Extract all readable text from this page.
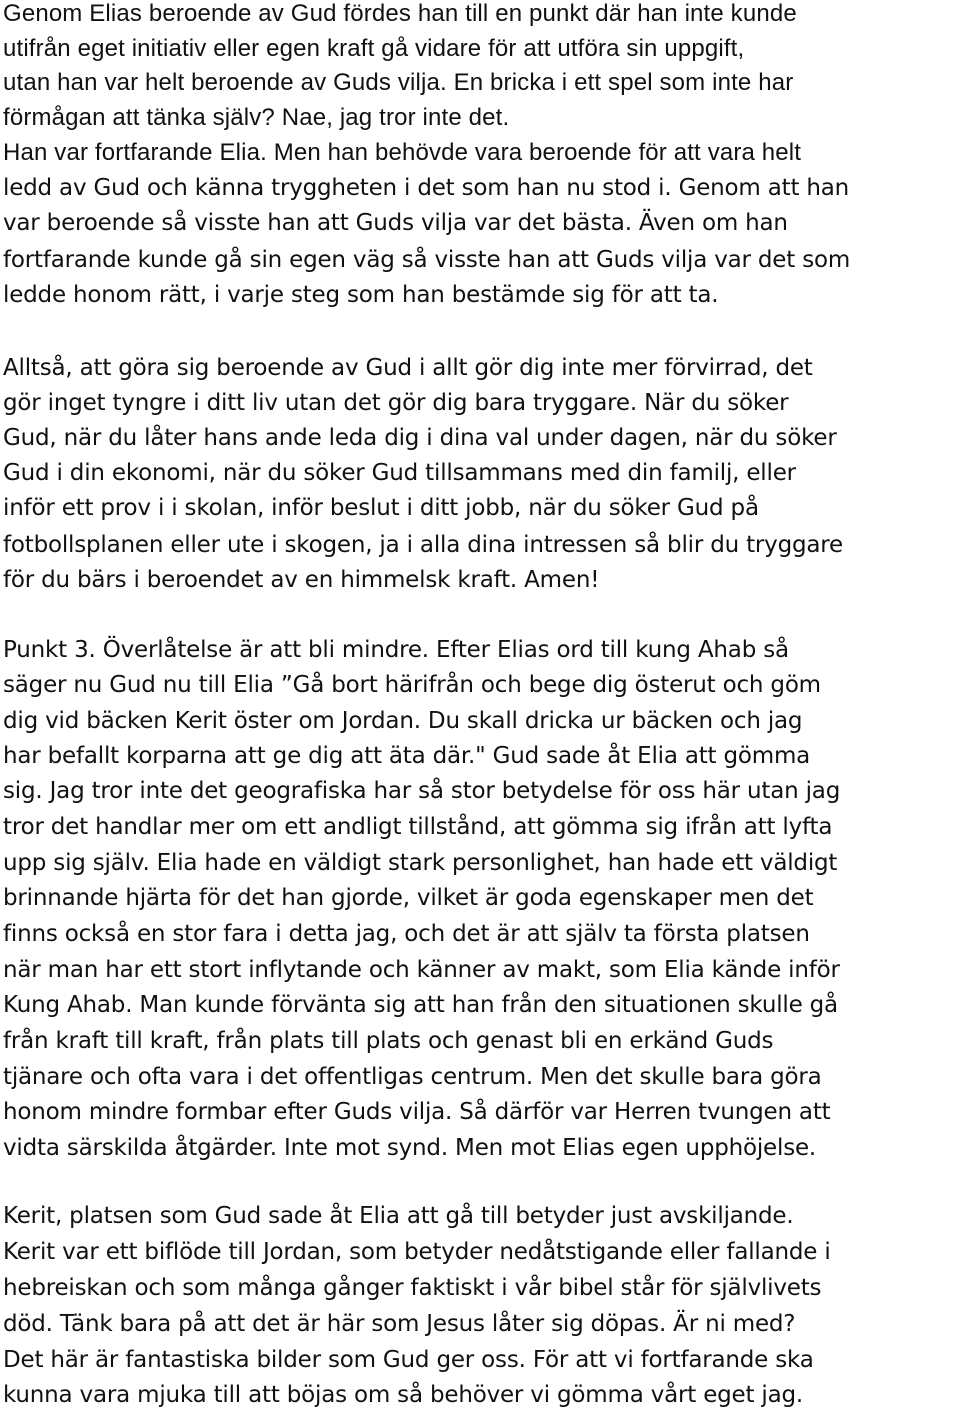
Genom Elias beroende av Gud fördes han till en punkt där han inte kunde
utifrån eget initiativ eller egen kraft gå vidare för att utföra sin uppgift,
utan han var helt beroende av Guds vilja. En bricka i ett spel som inte har
förmågan att tänka själv? Nae, jag tror inte det.
Han var fortfarande Elia. Men han behövde vara beroende för att vara helt
ledd av Gud och känna tryggheten i det som han nu stod i. Genom att han
var beroende så visste han att Guds vilja var det bästa. Även om han
fortfarande kunde gå sin egen väg så visste han att Guds vilja var det som
ledde honom rätt, i varje steg som han bestämde sig för att ta.
Alltså, att göra sig beroende av Gud i allt gör dig inte mer förvirrad, det
gör inget tyngre i ditt liv utan det gör dig bara tryggare. När du söker
Gud, när du låter hans ande leda dig i dina val under dagen, när du söker
Gud i din ekonomi, när du söker Gud tillsammans med din familj, eller
inför ett prov i i skolan, inför beslut i ditt jobb, när du söker Gud på
fotbollsplanen eller ute i skogen, ja i alla dina intressen så blir du tryggare
för du bärs i beroendet av en himmelsk kraft. Amen!
Punkt 3. Överlåtelse är att bli mindre. Efter Elias ord till kung Ahab så
säger nu Gud nu till Elia ”Gå bort härifrån och bege dig österut och göm
dig vid bäcken Kerit öster om Jordan. Du skall dricka ur bäcken och jag
har befallt korparna att ge dig att äta där." Gud sade åt Elia att gömma
sig. Jag tror inte det geografiska har så stor betydelse för oss här utan jag
tror det handlar mer om ett andligt tillstånd, att gömma sig ifrån att lyfta
upp sig själv. Elia hade en väldigt stark personlighet, han hade ett väldigt
brinnande hjärta för det han gjorde, vilket är goda egenskaper men det
finns också en stor fara i detta jag, och det är att själv ta första platsen
när man har ett stort inflytande och känner av makt, som Elia kände inför
Kung Ahab. Man kunde förvänta sig att han från den situationen skulle gå
från kraft till kraft, från plats till plats och genast bli en erkänd Guds
tjänare och ofta vara i det offentligas centrum. Men det skulle bara göra
honom mindre formbar efter Guds vilja. Så därför var Herren tvungen att
vidta särskilda åtgärder. Inte mot synd. Men mot Elias egen upphöjelse.
Kerit, platsen som Gud sade åt Elia att gå till betyder just avskiljande.
Kerit var ett biflöde till Jordan, som betyder nedåtstigande eller fallande i
hebreiskan och som många gånger faktiskt i vår bibel står för självlivets
död. Tänk bara på att det är här som Jesus låter sig döpas. Är ni med?
Det här är fantastiska bilder som Gud ger oss. För att vi fortfarande ska
kunna vara mjuka till att böjas om så behöver vi gömma vårt eget jag.
